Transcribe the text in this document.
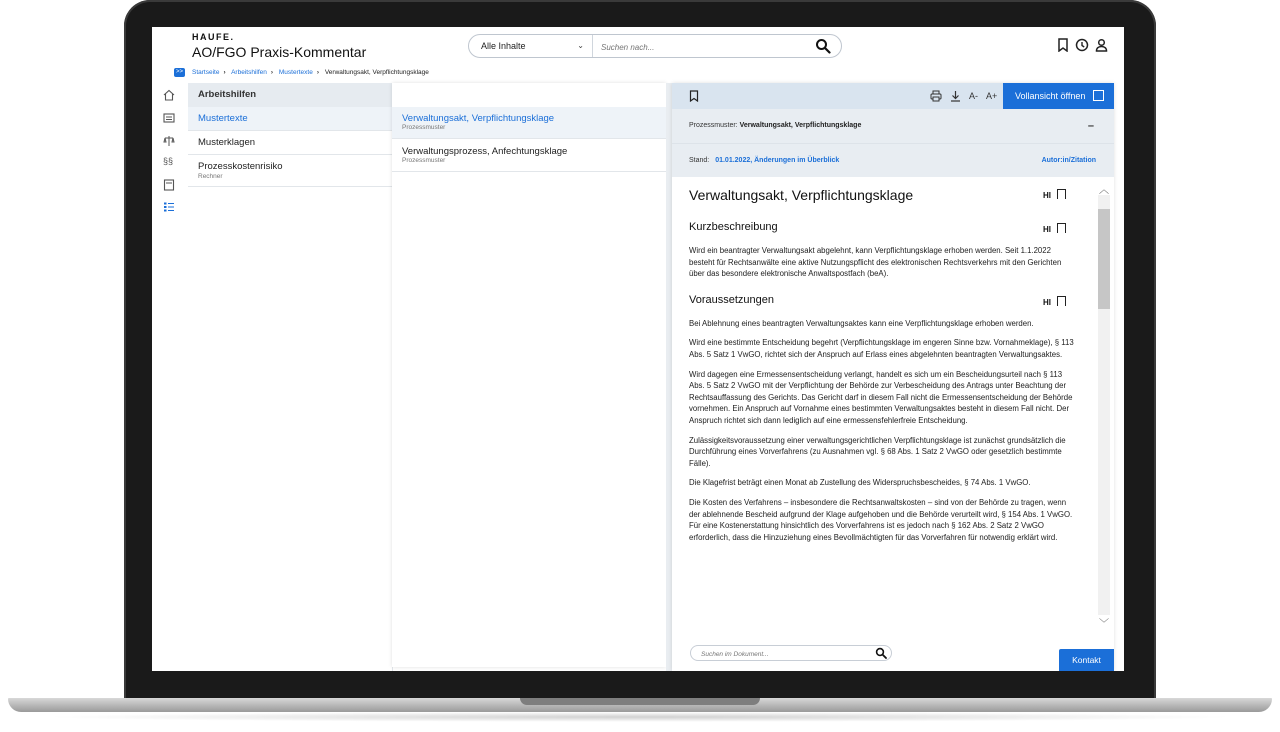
HAUFE.
AO/FGO Praxis-Kommentar	Alle Inhalte	⌄
Suchen nach...
>>	Startseite › Arbeitshilfen › Mustertexte › Verwaltungsakt, Verpflichtungsklage
§§
Arbeitshilfen
Mustertexte
Musterklagen
Prozesskostenrisiko
Rechner
Verwaltungsakt, Verpflichtungsklage
Prozessmuster
Verwaltungsprozess, Anfechtungsklage
Prozessmuster
A- A+	Vollansicht öffnen
Prozessmuster: Verwaltungsakt, Verpflichtungsklage	–
Stand: 01.01.2022, Änderungen im Überblick	Autor:in/Zitation
Verwaltungsakt, Verpflichtungsklage	HI
Kurzbeschreibung	HI
Wird ein beantragter Verwaltungsakt abgelehnt, kann Verpflichtungsklage erhoben werden. Seit 1.1.2022 besteht für Rechtsanwälte eine aktive Nutzungspflicht des elektronischen Rechtsverkehrs mit den Gerichten über das besondere elektronische Anwaltspostfach (beA).
Voraussetzungen	HI
Bei Ablehnung eines beantragten Verwaltungsaktes kann eine Verpflichtungsklage erhoben werden.
Wird eine bestimmte Entscheidung begehrt (Verpflichtungsklage im engeren Sinne bzw. Vornahmeklage), § 113 Abs. 5 Satz 1 VwGO, richtet sich der Anspruch auf Erlass eines abgelehnten beantragten Verwaltungsaktes.
Wird dagegen eine Ermessensentscheidung verlangt, handelt es sich um ein Bescheidungsurteil nach § 113 Abs. 5 Satz 2 VwGO mit der Verpflichtung der Behörde zur Verbescheidung des Antrags unter Beachtung der Rechtsauffassung des Gerichts. Das Gericht darf in diesem Fall nicht die Ermessensentscheidung der Behörde vornehmen. Ein Anspruch auf Vornahme eines bestimmten Verwaltungsaktes besteht in diesem Fall nicht. Der Anspruch richtet sich dann lediglich auf eine ermessensfehlerfreie Entscheidung.
Zulässigkeitsvoraussetzung einer verwaltungsgerichtlichen Verpflichtungsklage ist zunächst grundsätzlich die Durchführung eines Vorverfahrens (zu Ausnahmen vgl. § 68 Abs. 1 Satz 2 VwGO oder gesetzlich bestimmte Fälle).
Die Klagefrist beträgt einen Monat ab Zustellung des Widerspruchsbescheides, § 74 Abs. 1 VwGO.
Die Kosten des Verfahrens – insbesondere die Rechtsanwaltskosten – sind von der Behörde zu tragen, wenn der ablehnende Bescheid aufgrund der Klage aufgehoben und die Behörde verurteilt wird, § 154 Abs. 1 VwGO. Für eine Kostenerstattung hinsichtlich des Vorverfahrens ist es jedoch nach § 162 Abs. 2 Satz 2 VwGO erforderlich, dass die Hinzuziehung eines Bevollmächtigten für das Vorverfahren für notwendig erklärt wird.
︿
﹀
Suchen im Dokument...
Kontakt
